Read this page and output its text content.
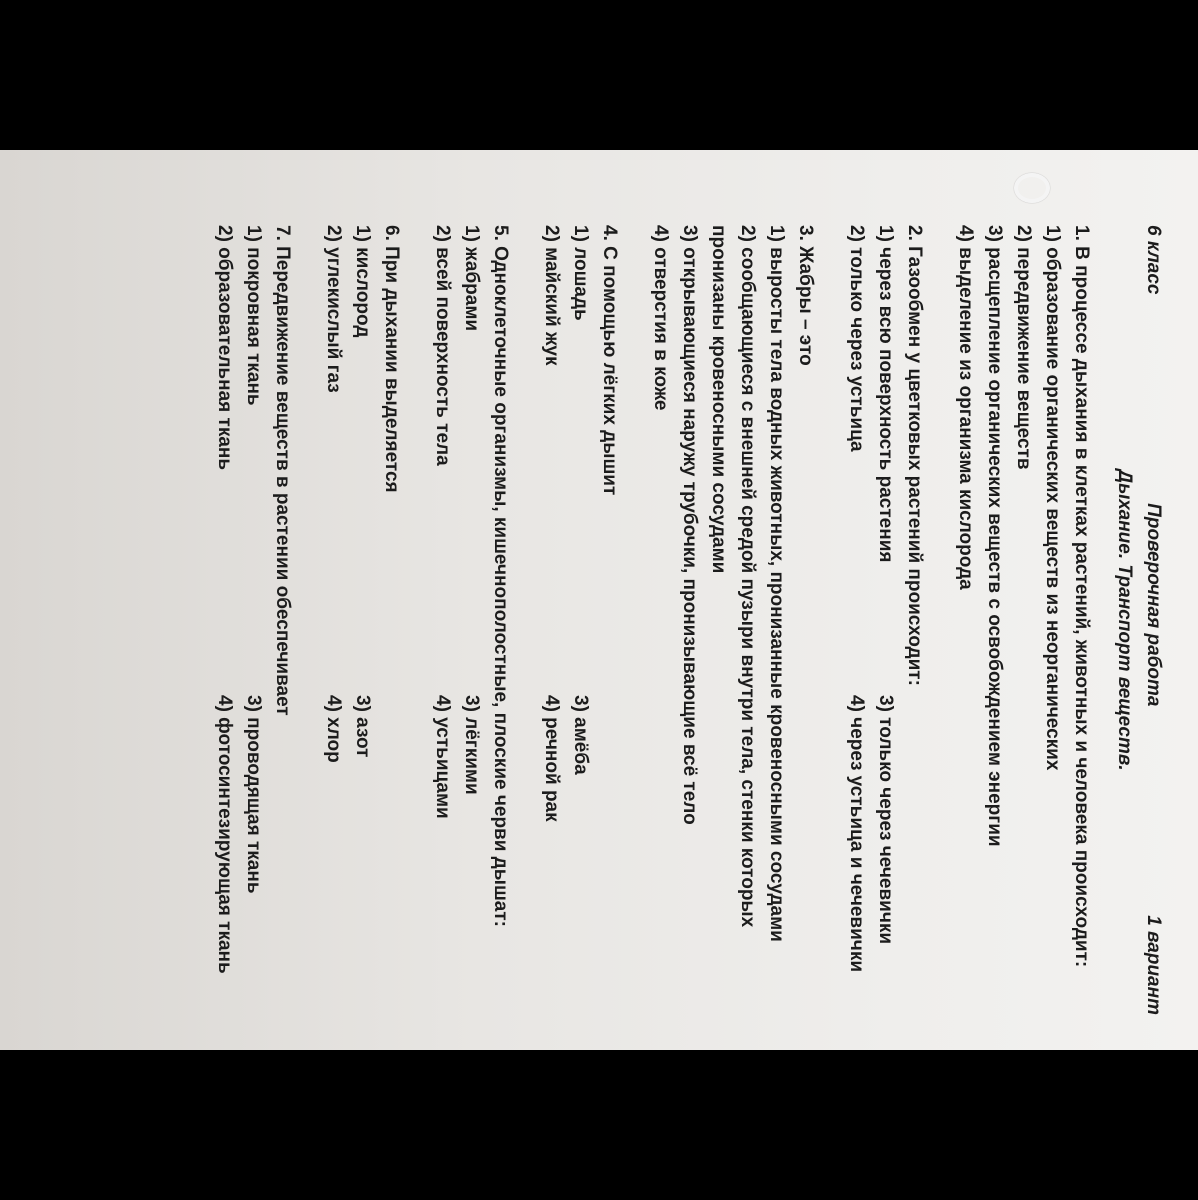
6 класс
Проверочная работа
1 вариант
Дыхание. Транспорт веществ.
1. В процессе дыхания в клетках растений, животных и человека происходит:
1) образование органических веществ из неорганических
2) передвижение веществ
3) расщепление органических веществ с освобождением энергии
4) выделение из организма кислорода
2. Газообмен у цветковых растений происходит:
1) через всю поверхность растения
3) только через чечевички
2) только через устьица
4) через устьица и чечевички
3. Жабры – это
1) выросты тела водных животных, пронизанные кровеносными сосудами
2) сообщающиеся с внешней средой пузыри внутри тела, стенки которых пронизаны кровеносными сосудами
3) открывающиеся наружу трубочки, пронизывающие всё тело
4) отверстия в коже
4. С помощью лёгких дышит
1) лошадь
3) амёба
2) майский жук
4) речной рак
5. Одноклеточные организмы, кишечнополостные, плоские черви дышат:
1) жабрами
3) лёгкими
2) всей поверхность тела
4) устьицами
6. При дыхании выделяется
1) кислород
3) азот
2) углекислый газ
4) хлор
7. Передвижение веществ в растении обеспечивает
1) покровная ткань
3) проводящая ткань
2) образовательная ткань
4) фотосинтезирующая ткань
